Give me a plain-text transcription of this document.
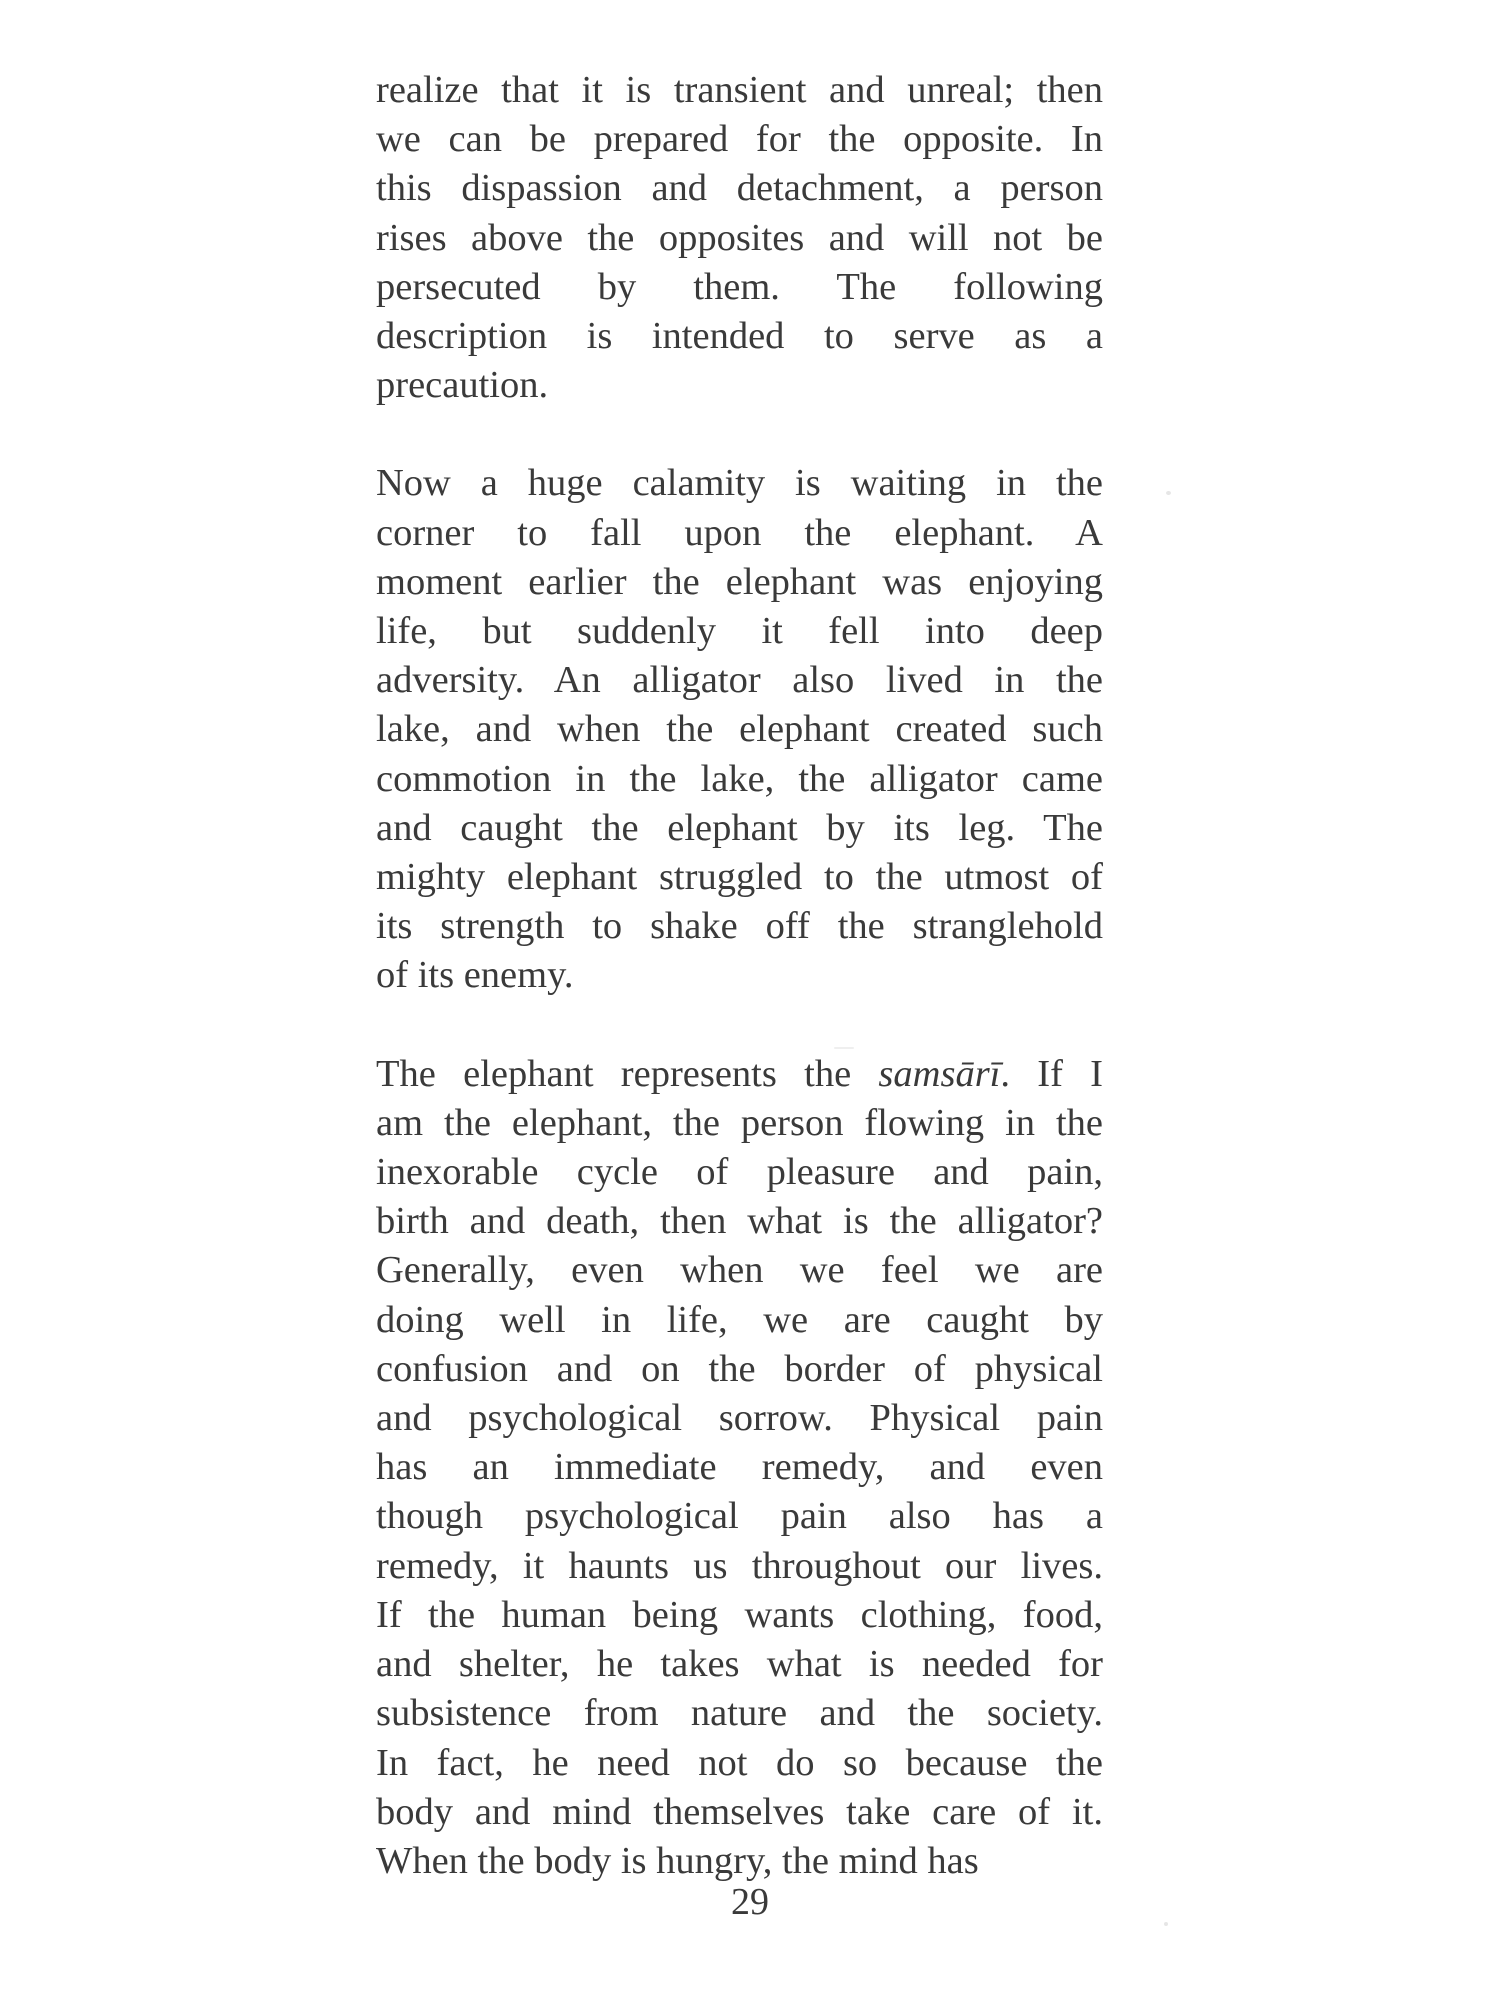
realize that it is transient and unreal; then
we can be prepared for the opposite. In
this dispassion and detachment, a person
rises above the opposites and will not be
persecuted by them. The following
description is intended to serve as a
precaution.

Now a huge calamity is waiting in the
corner to fall upon the elephant. A
moment earlier the elephant was enjoying
life, but suddenly it fell into deep
adversity. An alligator also lived in the
lake, and when the elephant created such
commotion in the lake, the alligator came
and caught the elephant by its leg. The
mighty elephant struggled to the utmost of
its strength to shake off the stranglehold
of its enemy.

The elephant represents the samsārī. If I
am the elephant, the person flowing in the
inexorable cycle of pleasure and pain,
birth and death, then what is the alligator?
Generally, even when we feel we are
doing well in life, we are caught by
confusion and on the border of physical
and psychological sorrow. Physical pain
has an immediate remedy, and even
though psychological pain also has a
remedy, it haunts us throughout our lives.
If the human being wants clothing, food,
and shelter, he takes what is needed for
subsistence from nature and the society.
In fact, he need not do so because the
body and mind themselves take care of it.
When the body is hungry, the mind has

29
